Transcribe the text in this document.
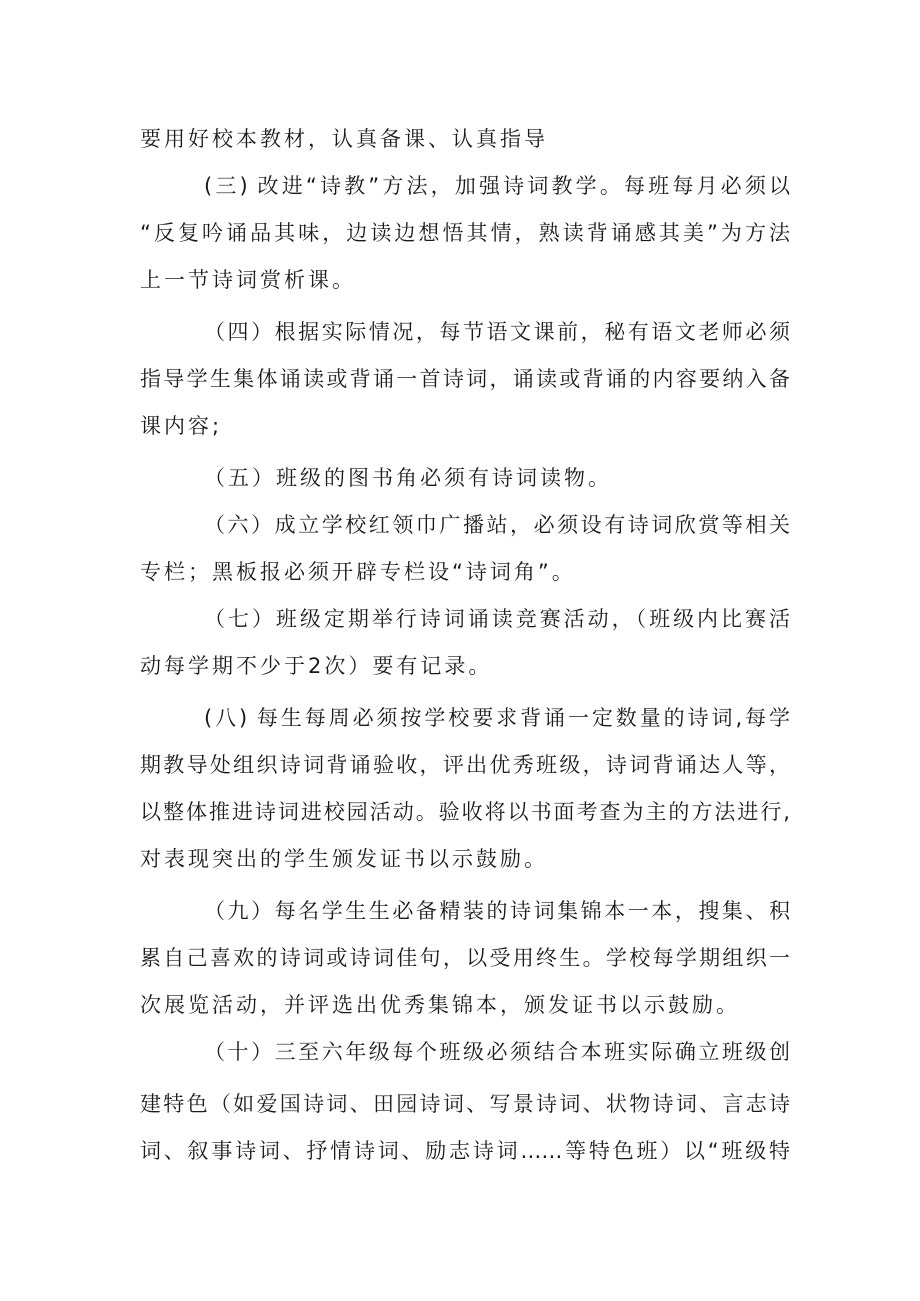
要用好校本教材，认真备课、认真指导
(三) 改进“诗教”方法，加强诗词教学。每班每月必须以
“反复吟诵品其味，边读边想悟其情，熟读背诵感其美”为方法
上一节诗词赏析课。
（四）根据实际情况，每节语文课前，秘有语文老师必须
指导学生集体诵读或背诵一首诗词，诵读或背诵的内容要纳入备
课内容;
（五）班级的图书角必须有诗词读物。
（六）成立学校红领巾广播站，必须设有诗词欣赏等相关
专栏；黑板报必须开辟专栏设“诗词角”。
（七）班级定期举行诗词诵读竞赛活动，（班级内比赛活
动每学期不少于2次）要有记录。
(八) 每生每周必须按学校要求背诵一定数量的诗词,每学
期教导处组织诗词背诵验收，评出优秀班级，诗词背诵达人等，
以整体推进诗词进校园活动。验收将以书面考查为主的方法进行,
对表现突出的学生颁发证书以示鼓励。
（九）每名学生生必备精装的诗词集锦本一本，搜集、积
累自己喜欢的诗词或诗词佳句，以受用终生。学校每学期组织一
次展览活动，并评选出优秀集锦本，颁发证书以示鼓励。
（十）三至六年级每个班级必须结合本班实际确立班级创
建特色（如爱国诗词、田园诗词、写景诗词、状物诗词、言志诗
词、叙事诗词、抒情诗词、励志诗词……等特色班）以“班级特
